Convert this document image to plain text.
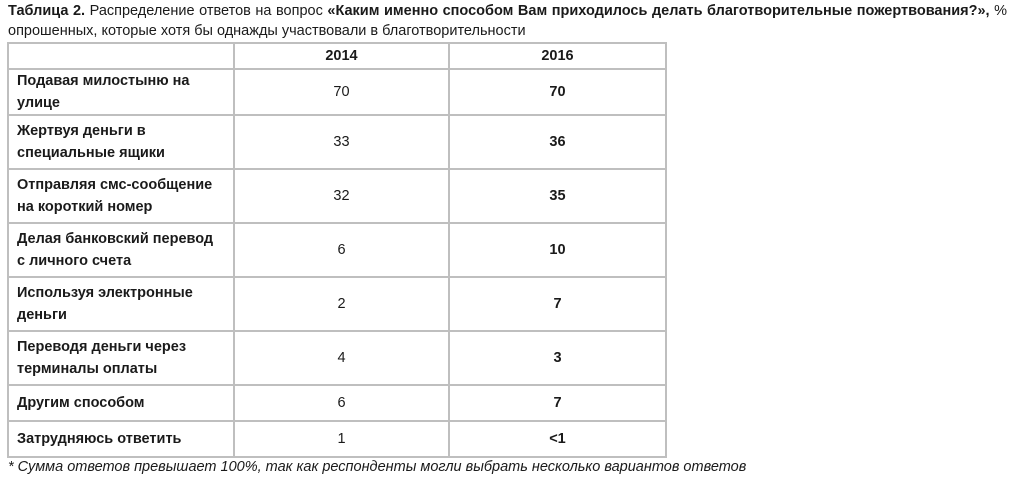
Таблица 2. Распределение ответов на вопрос «Каким именно способом Вам приходилось делать благотворительные пожертвования?», % опрошенных, которые хотя бы однажды участвовали в благотворительности
	2014	2016
Подавая милостыню на улице	70	70
Жертвуя деньги в специальные ящики	33	36
Отправляя смс-сообщение на короткий номер	32	35
Делая банковский перевод с личного счета	6	10
Используя электронные деньги	2	7
Переводя деньги через терминалы оплаты	4	3
Другим способом	6	7
Затрудняюсь ответить	1	<1
* Сумма ответов превышает 100%, так как респонденты могли выбрать несколько вариантов ответов
